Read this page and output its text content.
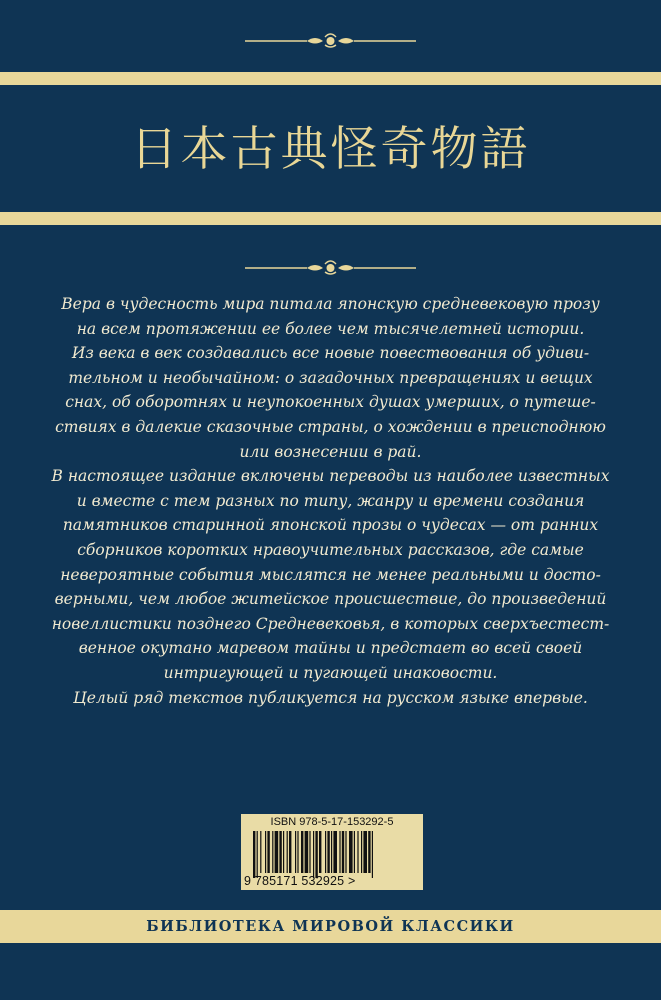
日本古典怪奇物語
Вера в чудесность мира питала японскую средневековую прозу
на всем протяжении ее более чем тысячелетней истории.
Из века в век создавались все новые повествования об удиви-
тельном и необычайном: о загадочных превращениях и вещих
снах, об оборотнях и неупокоенных душах умерших, о путеше-
ствиях в далекие сказочные страны, о хождении в преисподнюю
или вознесении в рай.
В настоящее издание включены переводы из наиболее известных
и вместе с тем разных по типу, жанру и времени создания
памятников старинной японской прозы о чудесах — от ранних
сборников коротких нравоучительных рассказов, где самые
невероятные события мыслятся не менее реальными и досто-
верными, чем любое житейское происшествие, до произведений
новеллистики позднего Средневековья, в которых сверхъестест-
венное окутано маревом тайны и предстает во всей своей
интригующей и пугающей инаковости.
Целый ряд текстов публикуется на русском языке впервые.
ISBN 978-5-17-153292-5
9 785171 532925 >
БИБЛИОТЕКА МИРОВОЙ КЛАССИКИ
